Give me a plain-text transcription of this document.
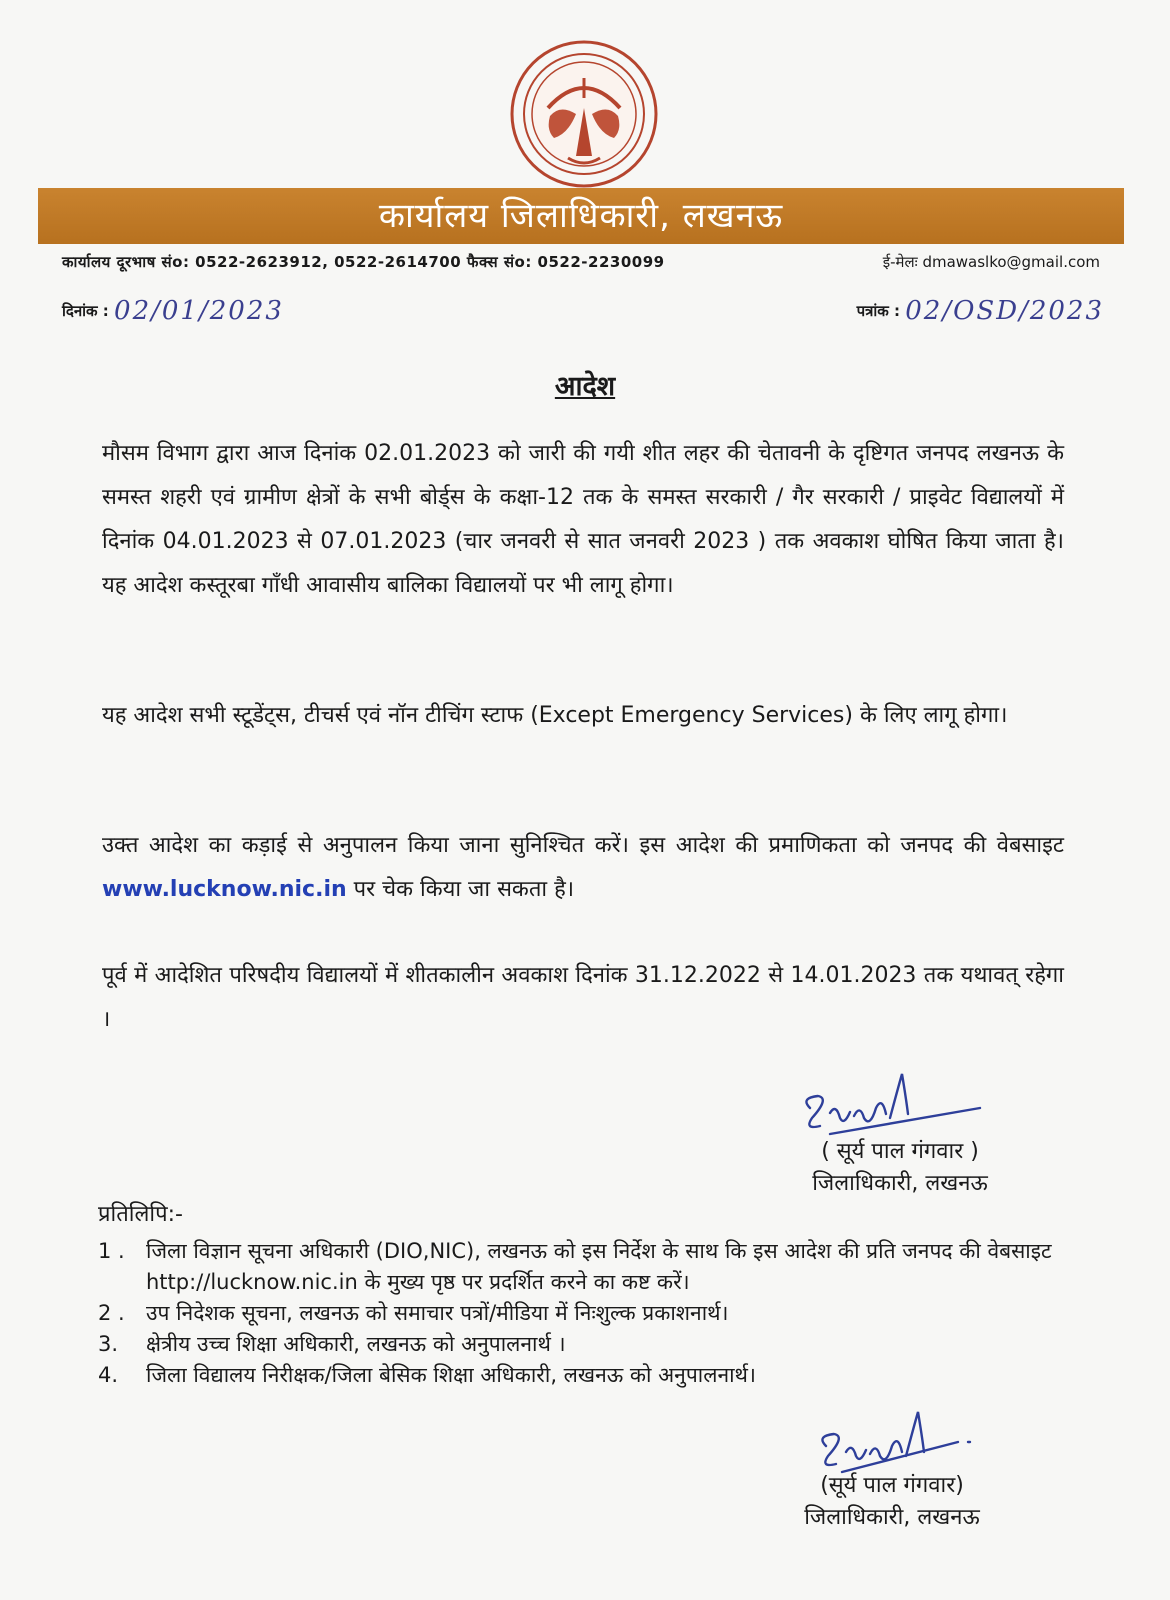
कार्यालय जिलाधिकारी, लखनऊ
कार्यालय दूरभाष संo: 0522-2623912, 0522-2614700 फैक्स संo: 0522-2230099	ई-मेलः dmawaslko@gmail.com
दिनांक : 02/01/2023	पत्रांक : 02/OSD/2023
आदेश
मौसम विभाग द्वारा आज दिनांक 02.01.2023 को जारी की गयी शीत लहर की चेतावनी के दृष्टिगत जनपद लखनऊ के समस्त शहरी एवं ग्रामीण क्षेत्रों के सभी बोर्ड्स के कक्षा-12 तक के समस्त सरकारी / गैर सरकारी / प्राइवेट विद्यालयों में दिनांक 04.01.2023 से 07.01.2023 (चार जनवरी से सात जनवरी 2023 ) तक अवकाश घोषित किया जाता है। यह आदेश कस्तूरबा गाँधी आवासीय बालिका विद्यालयों पर भी लागू होगा।
यह आदेश सभी स्टूडेंट्स, टीचर्स एवं नॉन टीचिंग स्टाफ (Except Emergency Services) के लिए लागू होगा।
उक्त आदेश का कड़ाई से अनुपालन किया जाना सुनिश्चित करें। इस आदेश की प्रमाणिकता को जनपद की वेबसाइट www.lucknow.nic.in पर चेक किया जा सकता है।
पूर्व में आदेशित परिषदीय विद्यालयों में शीतकालीन अवकाश दिनांक 31.12.2022 से 14.01.2023 तक यथावत् रहेगा ।
( सूर्य पाल गंगवार )
जिलाधिकारी, लखनऊ
प्रतिलिपि:-
1 . जिला विज्ञान सूचना अधिकारी (DIO,NIC), लखनऊ को इस निर्देश के साथ कि इस आदेश की प्रति जनपद की वेबसाइट http://lucknow.nic.in के मुख्य पृष्ठ पर प्रदर्शित करने का कष्ट करें।
2 . उप निदेशक सूचना, लखनऊ को समाचार पत्रों/मीडिया में निःशुल्क प्रकाशनार्थ।
3. क्षेत्रीय उच्च शिक्षा अधिकारी, लखनऊ को अनुपालनार्थ ।
4. जिला विद्यालय निरीक्षक/जिला बेसिक शिक्षा अधिकारी, लखनऊ को अनुपालनार्थ।
(सूर्य पाल गंगवार)
जिलाधिकारी, लखनऊ
